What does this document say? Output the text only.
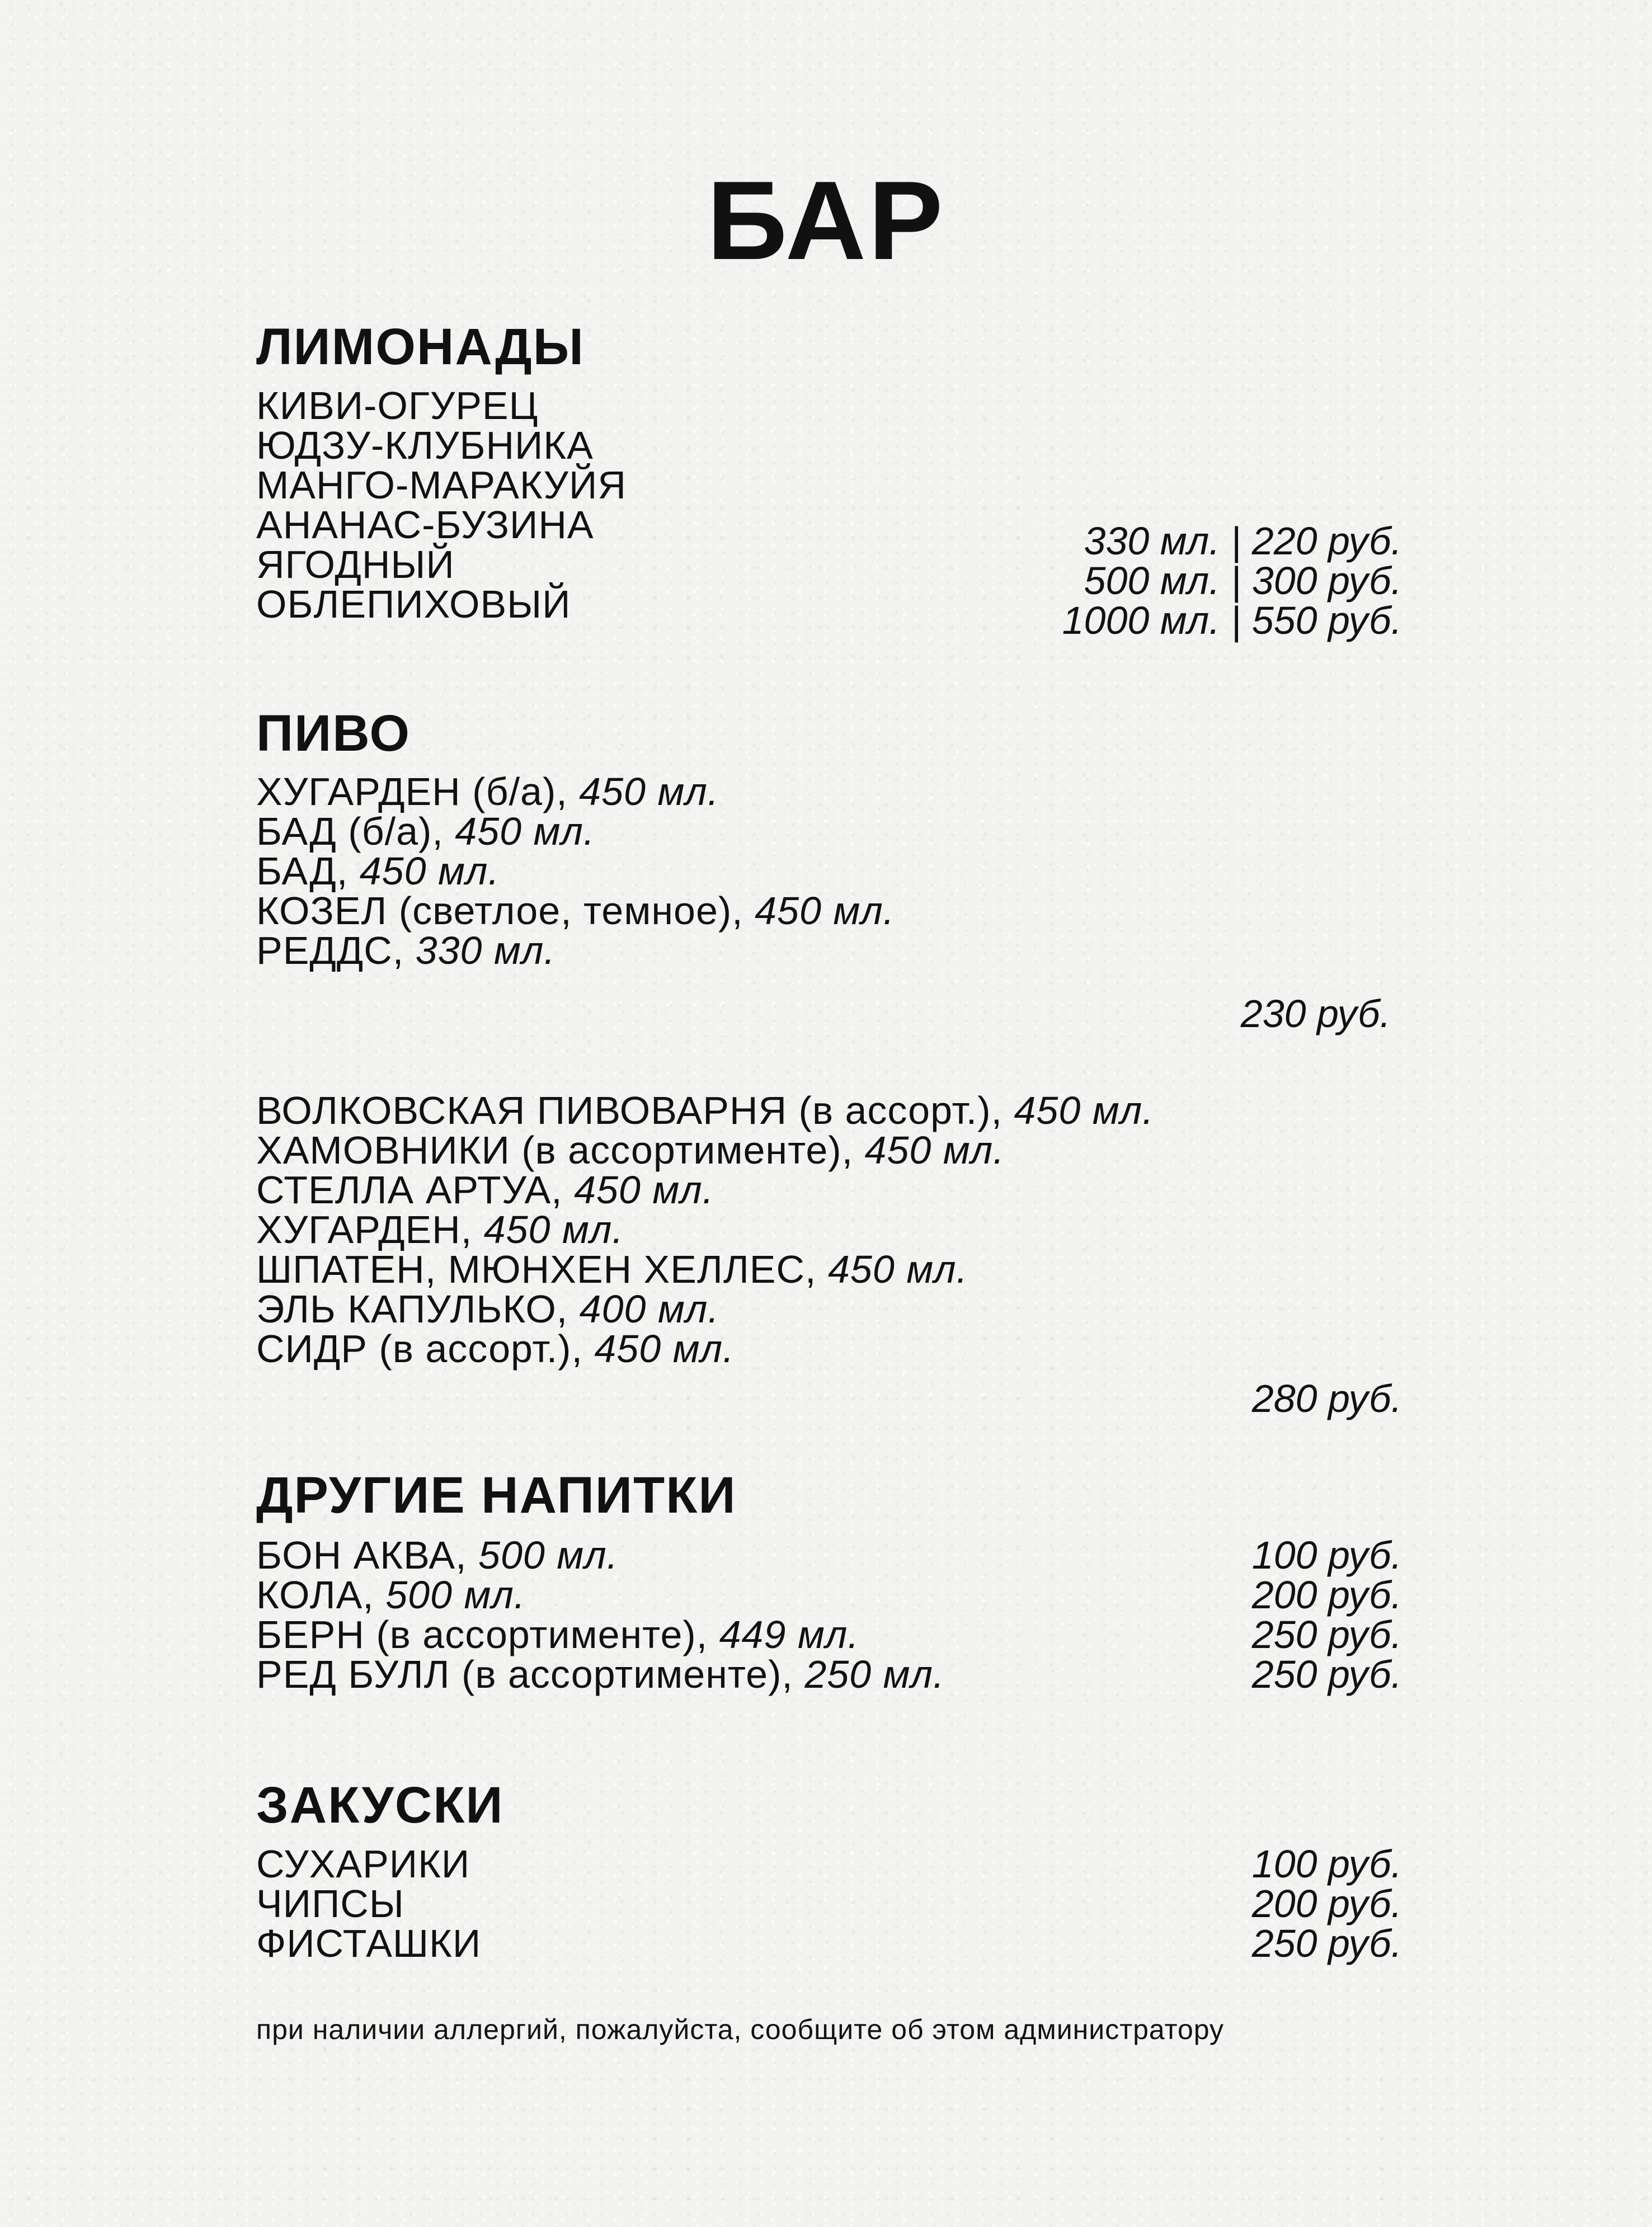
БАР
ЛИМОНАДЫ
КИВИ-ОГУРЕЦ
ЮДЗУ-КЛУБНИКА
МАНГО-МАРАКУЙЯ
АНАНАС-БУЗИНА
ЯГОДНЫЙ
ОБЛЕПИХОВЫЙ
330 мл. | 220 руб.
500 мл. | 300 руб.
1000 мл. | 550 руб.
ПИВО
ХУГАРДЕН (б/а), 450 мл.
БАД (б/а), 450 мл.
БАД, 450 мл.
КОЗЕЛ (светлое, темное), 450 мл.
РЕДДС, 330 мл.
230 руб.
ВОЛКОВСКАЯ ПИВОВАРНЯ (в ассорт.), 450 мл.
ХАМОВНИКИ (в ассортименте), 450 мл.
СТЕЛЛА АРТУА, 450 мл.
ХУГАРДЕН, 450 мл.
ШПАТЕН, МЮНХЕН ХЕЛЛЕС, 450 мл.
ЭЛЬ КАПУЛЬКО, 400 мл.
СИДР (в ассорт.), 450 мл.
280 руб.
ДРУГИЕ НАПИТКИ
БОН АКВА, 500 мл.
КОЛА, 500 мл.
БЕРН (в ассортименте), 449 мл.
РЕД БУЛЛ (в ассортименте), 250 мл.
100 руб.
200 руб.
250 руб.
250 руб.
ЗАКУСКИ
СУХАРИКИ
ЧИПСЫ
ФИСТАШКИ
100 руб.
200 руб.
250 руб.
при наличии аллергий, пожалуйста, сообщите об этом администратору
